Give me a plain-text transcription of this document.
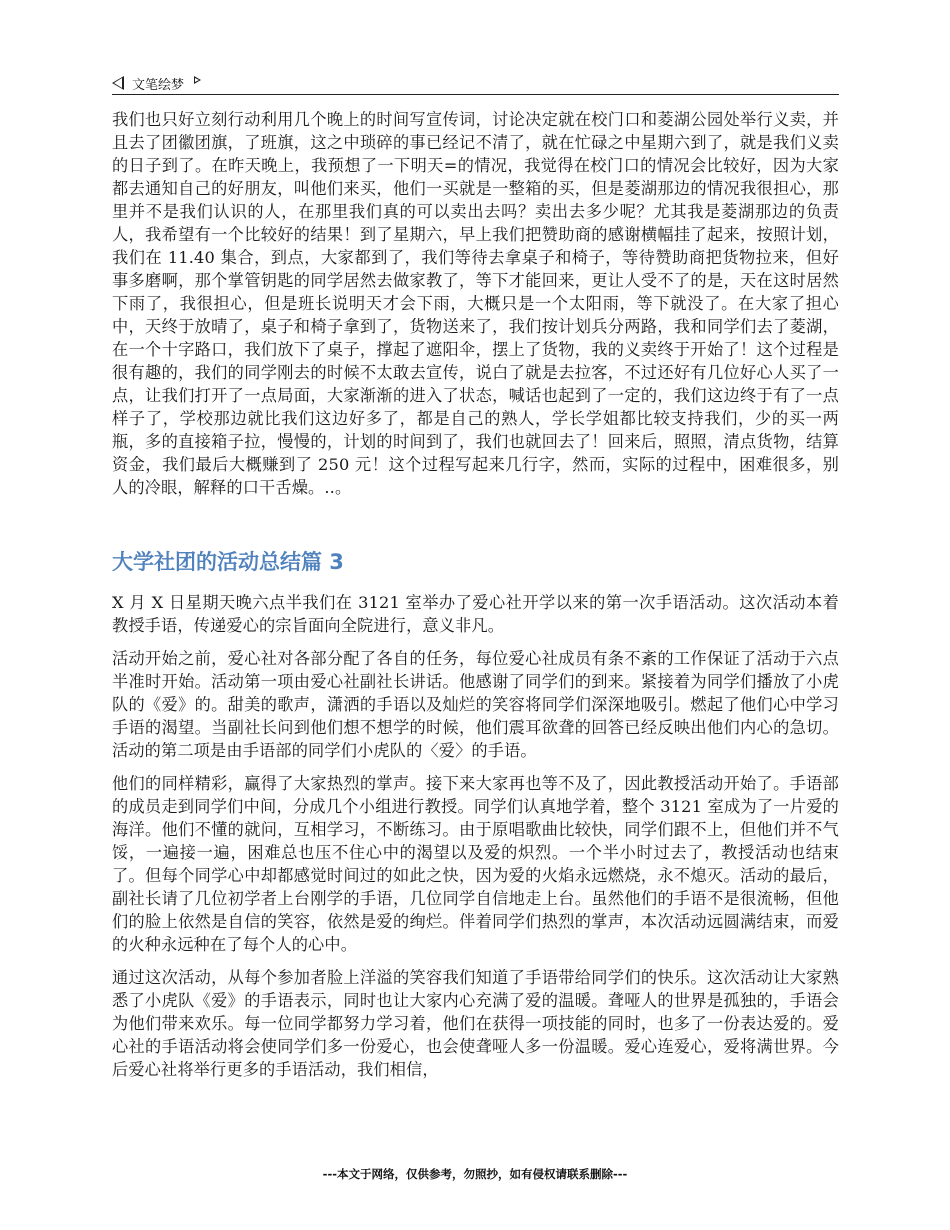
文笔绘梦

我们也只好立刻行动利用几个晚上的时间写宣传词，讨论决定就在校门口和菱湖公园处举行义卖，并且去了团徽团旗，了班旗，这之中琐碎的事已经记不清了，就在忙碌之中星期六到了，就是我们义卖的日子到了。在昨天晚上，我预想了一下明天=的情况，我觉得在校门口的情况会比较好，因为大家都去通知自己的好朋友，叫他们来买，他们一买就是一整箱的买，但是菱湖那边的情况我很担心，那里并不是我们认识的人，在那里我们真的可以卖出去吗？卖出去多少呢？尤其我是菱湖那边的负责人，我希望有一个比较好的结果！到了星期六，早上我们把赞助商的感谢横幅挂了起来，按照计划，我们在 11.40 集合，到点，大家都到了，我们等待去拿桌子和椅子，等待赞助商把货物拉来，但好事多磨啊，那个掌管钥匙的同学居然去做家教了，等下才能回来，更让人受不了的是，天在这时居然下雨了，我很担心，但是班长说明天才会下雨，大概只是一个太阳雨，等下就没了。在大家了担心中，天终于放晴了，桌子和椅子拿到了，货物送来了，我们按计划兵分两路，我和同学们去了菱湖，在一个十字路口，我们放下了桌子，撑起了遮阳伞，摆上了货物，我的义卖终于开始了！这个过程是很有趣的，我们的同学刚去的时候不太敢去宣传，说白了就是去拉客，不过还好有几位好心人买了一点，让我们打开了一点局面，大家渐渐的进入了状态，喊话也起到了一定的，我们这边终于有了一点样子了，学校那边就比我们这边好多了，都是自己的熟人，学长学姐都比较支持我们，少的买一两瓶，多的直接箱子拉，慢慢的，计划的时间到了，我们也就回去了！回来后，照照，清点货物，结算资金，我们最后大概赚到了 250 元！这个过程写起来几行字，然而，实际的过程中，困难很多，别人的冷眼，解释的口干舌燥。..。

大学社团的活动总结篇 3

X 月 X 日星期天晚六点半我们在 3121 室举办了爱心社开学以来的第一次手语活动。这次活动本着教授手语，传递爱心的宗旨面向全院进行，意义非凡。

活动开始之前，爱心社对各部分配了各自的任务，每位爱心社成员有条不紊的工作保证了活动于六点半准时开始。活动第一项由爱心社副社长讲话。他感谢了同学们的到来。紧接着为同学们播放了小虎队的《爱》的。甜美的歌声，潇洒的手语以及灿烂的笑容将同学们深深地吸引。燃起了他们心中学习手语的渴望。当副社长问到他们想不想学的时候，他们震耳欲聋的回答已经反映出他们内心的急切。活动的第二项是由手语部的同学们小虎队的〈爱〉的手语。

他们的同样精彩，赢得了大家热烈的掌声。接下来大家再也等不及了，因此教授活动开始了。手语部的成员走到同学们中间，分成几个小组进行教授。同学们认真地学着，整个 3121 室成为了一片爱的海洋。他们不懂的就问，互相学习，不断练习。由于原唱歌曲比较快，同学们跟不上，但他们并不气馁，一遍接一遍，困难总也压不住心中的渴望以及爱的炽烈。一个半小时过去了，教授活动也结束了。但每个同学心中却都感觉时间过的如此之快，因为爱的火焰永远燃烧，永不熄灭。活动的最后，副社长请了几位初学者上台刚学的手语，几位同学自信地走上台。虽然他们的手语不是很流畅，但他们的脸上依然是自信的笑容，依然是爱的绚烂。伴着同学们热烈的掌声，本次活动远圆满结束，而爱的火种永远种在了每个人的心中。

通过这次活动，从每个参加者脸上洋溢的笑容我们知道了手语带给同学们的快乐。这次活动让大家熟悉了小虎队《爱》的手语表示，同时也让大家内心充满了爱的温暖。聋哑人的世界是孤独的，手语会为他们带来欢乐。每一位同学都努力学习着，他们在获得一项技能的同时，也多了一份表达爱的。爱心社的手语活动将会使同学们多一份爱心，也会使聋哑人多一份温暖。爱心连爱心，爱将满世界。今后爱心社将举行更多的手语活动，我们相信，

---本文于网络，仅供参考，勿照抄，如有侵权请联系删除---
